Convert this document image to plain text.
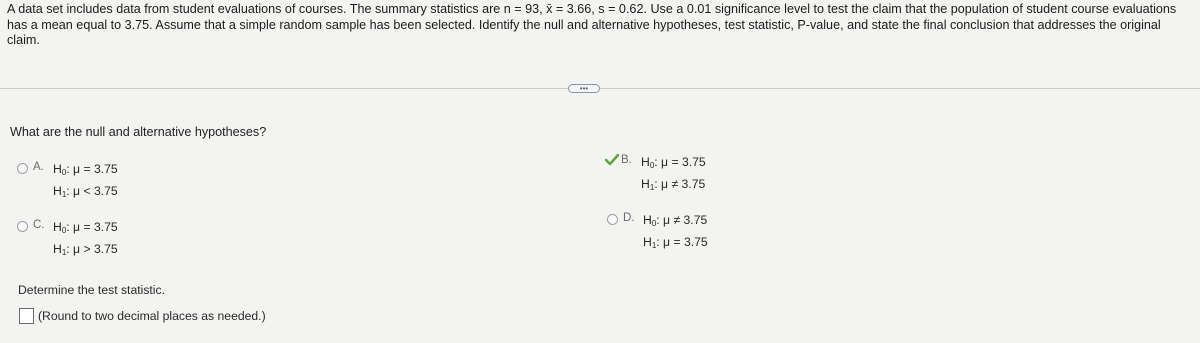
A data set includes data from student evaluations of courses. The summary statistics are n = 93, x̄ = 3.66, s = 0.62. Use a 0.01 significance level to test the claim that the population of student course evaluations has a mean equal to 3.75. Assume that a simple random sample has been selected. Identify the null and alternative hypotheses, test statistic, P-value, and state the final conclusion that addresses the original claim.
•••
What are the null and alternative hypotheses?
A. $H_0$: μ = 3.75
$H_1$: μ < 3.75
C. $H_0$: μ = 3.75
$H_1$: μ > 3.75
B. $H_0$: μ = 3.75
$H_1$: μ ≠ 3.75
D. $H_0$: μ ≠ 3.75
$H_1$: μ = 3.75
Determine the test statistic.
(Round to two decimal places as needed.)
